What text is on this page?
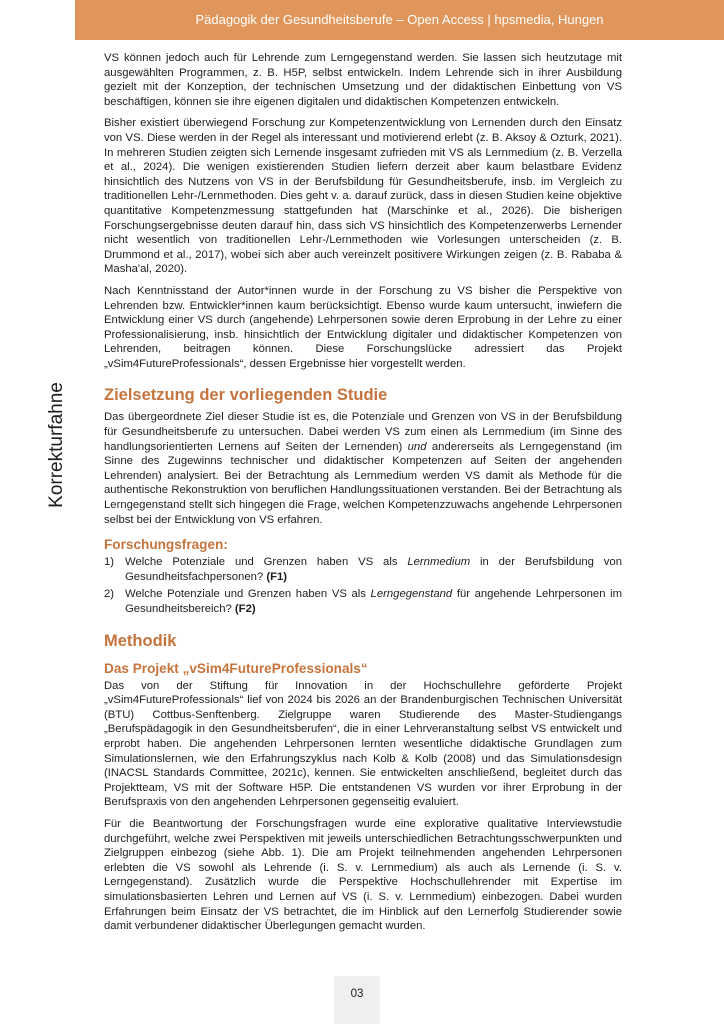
Pädagogik der Gesundheitsberufe – Open Access | hpsmedia, Hungen
Korrekturfahne

VS können jedoch auch für Lehrende zum Lerngegenstand werden. Sie lassen sich heutzutage mit ausgewählten Programmen, z. B. H5P, selbst entwickeln. Indem Lehrende sich in ihrer Ausbildung gezielt mit der Konzeption, der technischen Umsetzung und der didaktischen Einbettung von VS beschäftigen, können sie ihre eigenen digitalen und didaktischen Kompetenzen entwickeln.

Bisher existiert überwiegend Forschung zur Kompetenzentwicklung von Lernenden durch den Einsatz von VS. Diese werden in der Regel als interessant und motivierend erlebt (z. B. Aksoy & Ozturk, 2021). In mehreren Studien zeigten sich Lernende insgesamt zufrieden mit VS als Lernmedium (z. B. Verzella et al., 2024). Die wenigen existierenden Studien liefern derzeit aber kaum belastbare Evidenz hinsichtlich des Nutzens von VS in der Berufsbildung für Gesundheitsberufe, insb. im Vergleich zu traditionellen Lehr-/Lernmethoden. Dies geht v. a. darauf zurück, dass in diesen Studien keine objektive quantitative Kompetenzmessung stattgefunden hat (Marschinke et al., 2026). Die bisherigen Forschungsergebnisse deuten darauf hin, dass sich VS hinsichtlich des Kompetenzerwerbs Lernender nicht wesentlich von traditionellen Lehr-/Lernmethoden wie Vorlesungen unterscheiden (z. B. Drummond et al., 2017), wobei sich aber auch vereinzelt positivere Wirkungen zeigen (z. B. Rababa & Masha'al, 2020).

Nach Kenntnisstand der Autor*innen wurde in der Forschung zu VS bisher die Perspektive von Lehrenden bzw. Entwickler*innen kaum berücksichtigt. Ebenso wurde kaum untersucht, inwiefern die Entwicklung einer VS durch (angehende) Lehrpersonen sowie deren Erprobung in der Lehre zu einer Professionalisierung, insb. hinsichtlich der Entwicklung digitaler und didaktischer Kompetenzen von Lehrenden, beitragen können. Diese Forschungslücke adressiert das Projekt „vSim4FutureProfessionals“, dessen Ergebnisse hier vorgestellt werden.

Zielsetzung der vorliegenden Studie

Das übergeordnete Ziel dieser Studie ist es, die Potenziale und Grenzen von VS in der Berufsbildung für Gesundheitsberufe zu untersuchen. Dabei werden VS zum einen als Lernmedium (im Sinne des handlungsorientierten Lernens auf Seiten der Lernenden) und andererseits als Lerngegenstand (im Sinne des Zugewinns technischer und didaktischer Kompetenzen auf Seiten der angehenden Lehrenden) analysiert. Bei der Betrachtung als Lernmedium werden VS damit als Methode für die authentische Rekonstruktion von beruflichen Handlungssituationen verstanden. Bei der Betrachtung als Lerngegenstand stellt sich hingegen die Frage, welchen Kompetenzzuwachs angehende Lehrpersonen selbst bei der Entwicklung von VS erfahren.

Forschungsfragen:
1) Welche Potenziale und Grenzen haben VS als Lernmedium in der Berufsbildung von Gesundheitsfachpersonen? (F1)
2) Welche Potenziale und Grenzen haben VS als Lerngegenstand für angehende Lehrpersonen im Gesundheitsbereich? (F2)
Methodik
Das Projekt „vSim4FutureProfessionals“

Das von der Stiftung für Innovation in der Hochschullehre geförderte Projekt „vSim4FutureProfessionals“ lief von 2024 bis 2026 an der Brandenburgischen Technischen Universität (BTU) Cottbus-Senftenberg. Zielgruppe waren Studierende des Master-Studiengangs „Berufspädagogik in den Gesundheitsberufen“, die in einer Lehrveranstaltung selbst VS entwickelt und erprobt haben. Die angehenden Lehrpersonen lernten wesentliche didaktische Grundlagen zum Simulationslernen, wie den Erfahrungszyklus nach Kolb & Kolb (2008) und das Simulationsdesign (INACSL Standards Committee, 2021c), kennen. Sie entwickelten anschließend, begleitet durch das Projektteam, VS mit der Software H5P. Die entstandenen VS wurden vor ihrer Erprobung in der Berufspraxis von den angehenden Lehrpersonen gegenseitig evaluiert.

Für die Beantwortung der Forschungsfragen wurde eine explorative qualitative Interviewstudie durchgeführt, welche zwei Perspektiven mit jeweils unterschiedlichen Betrachtungsschwerpunkten und Zielgruppen einbezog (siehe Abb. 1). Die am Projekt teilnehmenden angehenden Lehrpersonen erlebten die VS sowohl als Lehrende (i. S. v. Lernmedium) als auch als Lernende (i. S. v. Lerngegenstand). Zusätzlich wurde die Perspektive Hochschullehrender mit Expertise im simulationsbasierten Lehren und Lernen auf VS (i. S. v. Lernmedium) einbezogen. Dabei wurden Erfahrungen beim Einsatz der VS betrachtet, die im Hinblick auf den Lernerfolg Studierender sowie damit verbundener didaktischer Überlegungen gemacht wurden.

03
